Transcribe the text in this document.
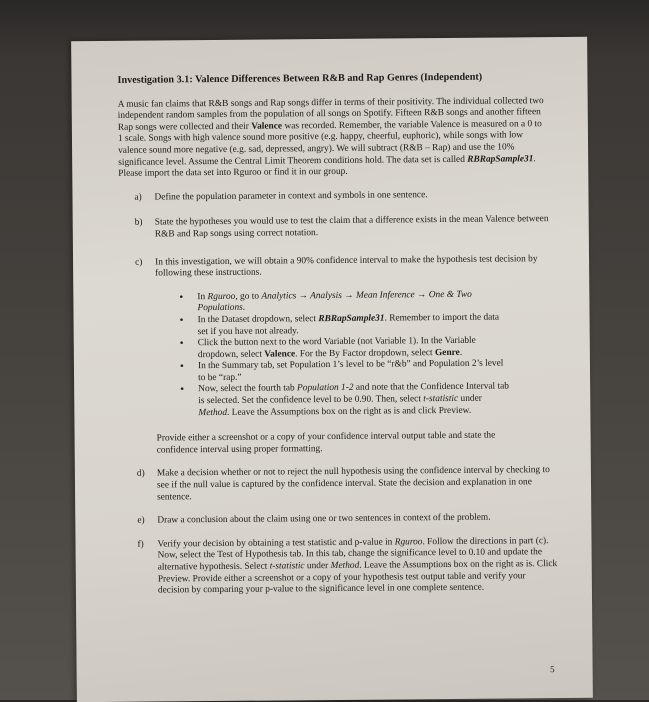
Investigation 3.1: Valence Differences Between R&B and Rap Genres (Independent)
A music fan claims that R&B songs and Rap songs differ in terms of their positivity. The individual collected two independent random samples from the population of all songs on Spotify. Fifteen R&B songs and another fifteen Rap songs were collected and their Valence was recorded. Remember, the variable Valence is measured on a 0 to 1 scale. Songs with high valence sound more positive (e.g. happy, cheerful, euphoric), while songs with low valence sound more negative (e.g. sad, depressed, angry). We will subtract (R&B – Rap) and use the 10% significance level. Assume the Central Limit Theorem conditions hold. The data set is called RBRapSample31. Please import the data set into Rguroo or find it in our group.
a)	Define the population parameter in context and symbols in one sentence.
b)	State the hypotheses you would use to test the claim that a difference exists in the mean Valence between R&B and Rap songs using correct notation.
c)	In this investigation, we will obtain a 90% confidence interval to make the hypothesis test decision by following these instructions.
• In Rguroo, go to Analytics → Analysis → Mean Inference → One & Two Populations.
• In the Dataset dropdown, select RBRapSample31. Remember to import the data set if you have not already.
• Click the button next to the word Variable (not Variable 1). In the Variable dropdown, select Valence. For the By Factor dropdown, select Genre.
• In the Summary tab, set Population 1’s level to be “r&b” and Population 2’s level to be “rap.”
• Now, select the fourth tab Population 1-2 and note that the Confidence Interval tab is selected. Set the confidence level to be 0.90. Then, select t-statistic under Method. Leave the Assumptions box on the right as is and click Preview.
Provide either a screenshot or a copy of your confidence interval output table and state the confidence interval using proper formatting.
d)	Make a decision whether or not to reject the null hypothesis using the confidence interval by checking to see if the null value is captured by the confidence interval. State the decision and explanation in one sentence.
e)	Draw a conclusion about the claim using one or two sentences in context of the problem.
f)	Verify your decision by obtaining a test statistic and p-value in Rguroo. Follow the directions in part (c). Now, select the Test of Hypothesis tab. In this tab, change the significance level to 0.10 and update the alternative hypothesis. Select t-statistic under Method. Leave the Assumptions box on the right as is. Click Preview. Provide either a screenshot or a copy of your hypothesis test output table and verify your decision by comparing your p-value to the significance level in one complete sentence.
5
